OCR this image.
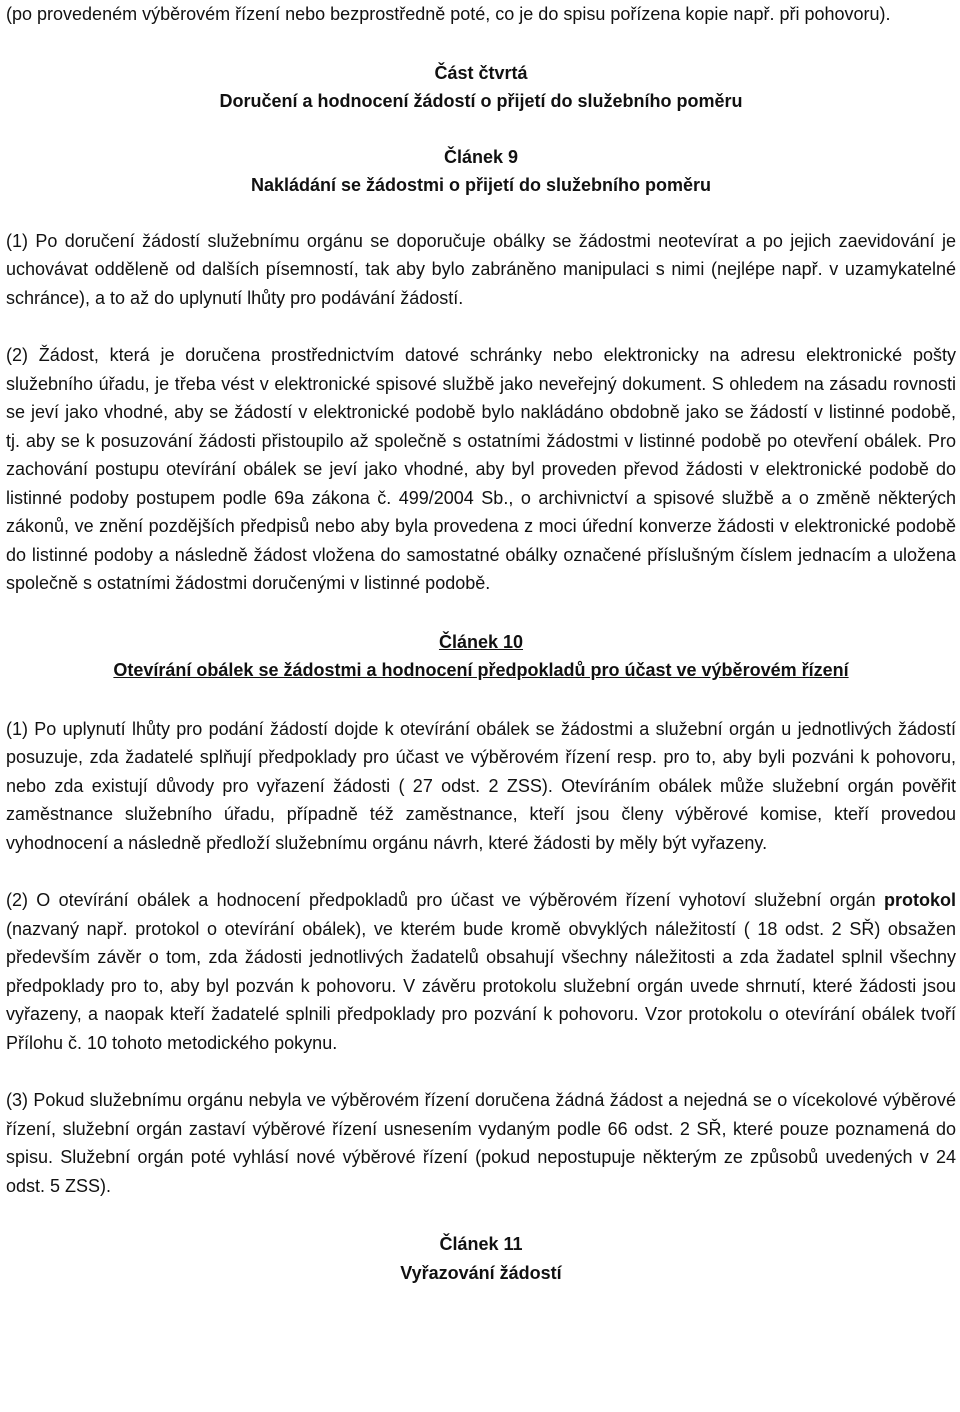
(po provedeném výběrovém řízení nebo bezprostředně poté, co je do spisu pořízena kopie např. při pohovoru).

Část čtvrtá

Doručení a hodnocení žádostí o přijetí do služebního poměru

Článek 9

Nakládání se žádostmi o přijetí do služebního poměru

(1) Po doručení žádostí služebnímu orgánu se doporučuje obálky se žádostmi neotevírat a po jejich zaevidování je uchovávat odděleně od dalších písemností, tak aby bylo zabráněno manipulaci s nimi (nejlépe např. v uzamykatelné schránce), a to až do uplynutí lhůty pro podávání žádostí.

(2) Žádost, která je doručena prostřednictvím datové schránky nebo elektronicky na adresu elektronické pošty služebního úřadu, je třeba vést v elektronické spisové službě jako neveřejný dokument. S ohledem na zásadu rovnosti se jeví jako vhodné, aby se žádostí v elektronické podobě bylo nakládáno obdobně jako se žádostí v listinné podobě, tj. aby se k posuzování žádosti přistoupilo až společně s ostatními žádostmi v listinné podobě po otevření obálek. Pro zachování postupu otevírání obálek se jeví jako vhodné, aby byl proveden převod žádosti v elektronické podobě do listinné podoby postupem podle 69a zákona č. 499/2004 Sb., o archivnictví a spisové službě a o změně některých zákonů, ve znění pozdějších předpisů nebo aby byla provedena z moci úřední konverze žádosti v elektronické podobě do listinné podoby a následně žádost vložena do samostatné obálky označené příslušným číslem jednacím a uložena společně s ostatními žádostmi doručenými v listinné podobě.

Článek 10

Otevírání obálek se žádostmi a hodnocení předpokladů pro účast ve výběrovém řízení

(1) Po uplynutí lhůty pro podání žádostí dojde k otevírání obálek se žádostmi a služební orgán u jednotlivých žádostí posuzuje, zda žadatelé splňují předpoklady pro účast ve výběrovém řízení resp. pro to, aby byli pozváni k pohovoru, nebo zda existují důvody pro vyřazení žádosti ( 27 odst. 2 ZSS). Otevíráním obálek může služební orgán pověřit zaměstnance služebního úřadu, případně též zaměstnance, kteří jsou členy výběrové komise, kteří provedou vyhodnocení a následně předloží služebnímu orgánu návrh, které žádosti by měly být vyřazeny.

(2) O otevírání obálek a hodnocení předpokladů pro účast ve výběrovém řízení vyhotoví služební orgán protokol (nazvaný např. protokol o otevírání obálek), ve kterém bude kromě obvyklých náležitostí ( 18 odst. 2 SŘ) obsažen především závěr o tom, zda žádosti jednotlivých žadatelů obsahují všechny náležitosti a zda žadatel splnil všechny předpoklady pro to, aby byl pozván k pohovoru. V závěru protokolu služební orgán uvede shrnutí, které žádosti jsou vyřazeny, a naopak kteří žadatelé splnili předpoklady pro pozvání k pohovoru. Vzor protokolu o otevírání obálek tvoří Přílohu č. 10 tohoto metodického pokynu.

(3) Pokud služebnímu orgánu nebyla ve výběrovém řízení doručena žádná žádost a nejedná se o vícekolové výběrové řízení, služební orgán zastaví výběrové řízení usnesením vydaným podle 66 odst. 2 SŘ, které pouze poznamená do spisu. Služební orgán poté vyhlásí nové výběrové řízení (pokud nepostupuje některým ze způsobů uvedených v 24 odst. 5 ZSS).

Článek 11

Vyřazování žádostí
